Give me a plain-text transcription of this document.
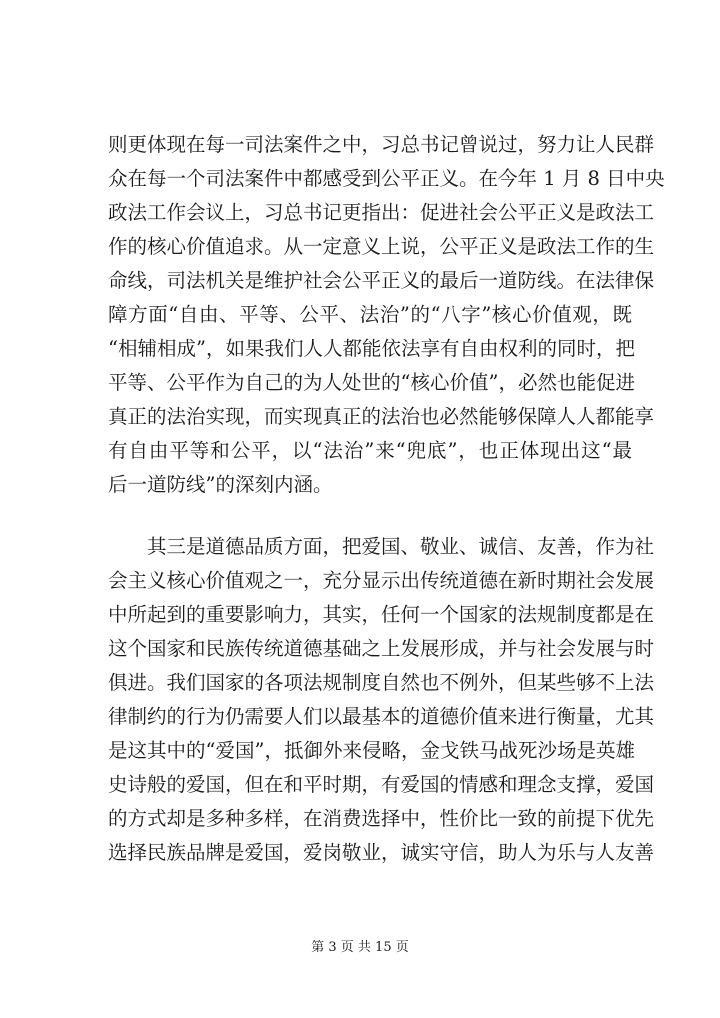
则更体现在每一司法案件之中，习总书记曾说过，努力让人民群
众在每一个司法案件中都感受到公平正义。在今年 1 月 8 日中央
政法工作会议上，习总书记更指出：促进社会公平正义是政法工
作的核心价值追求。从一定意义上说，公平正义是政法工作的生
命线，司法机关是维护社会公平正义的最后一道防线。在法律保
障方面“自由、平等、公平、法治”的“八字”核心价值观，既
“相辅相成”，如果我们人人都能依法享有自由权利的同时，把
平等、公平作为自己的为人处世的“核心价值”，必然也能促进
真正的法治实现，而实现真正的法治也必然能够保障人人都能享
有自由平等和公平，以“法治”来“兜底”，也正体现出这“最
后一道防线”的深刻内涵。
其三是道德品质方面，把爱国、敬业、诚信、友善，作为社
会主义核心价值观之一，充分显示出传统道德在新时期社会发展
中所起到的重要影响力，其实，任何一个国家的法规制度都是在
这个国家和民族传统道德基础之上发展形成，并与社会发展与时
俱进。我们国家的各项法规制度自然也不例外，但某些够不上法
律制约的行为仍需要人们以最基本的道德价值来进行衡量，尤其
是这其中的“爱国”，抵御外来侵略，金戈铁马战死沙场是英雄
史诗般的爱国，但在和平时期，有爱国的情感和理念支撑，爱国
的方式却是多种多样，在消费选择中，性价比一致的前提下优先
选择民族品牌是爱国，爱岗敬业，诚实守信，助人为乐与人友善
第 3 页 共 15 页
